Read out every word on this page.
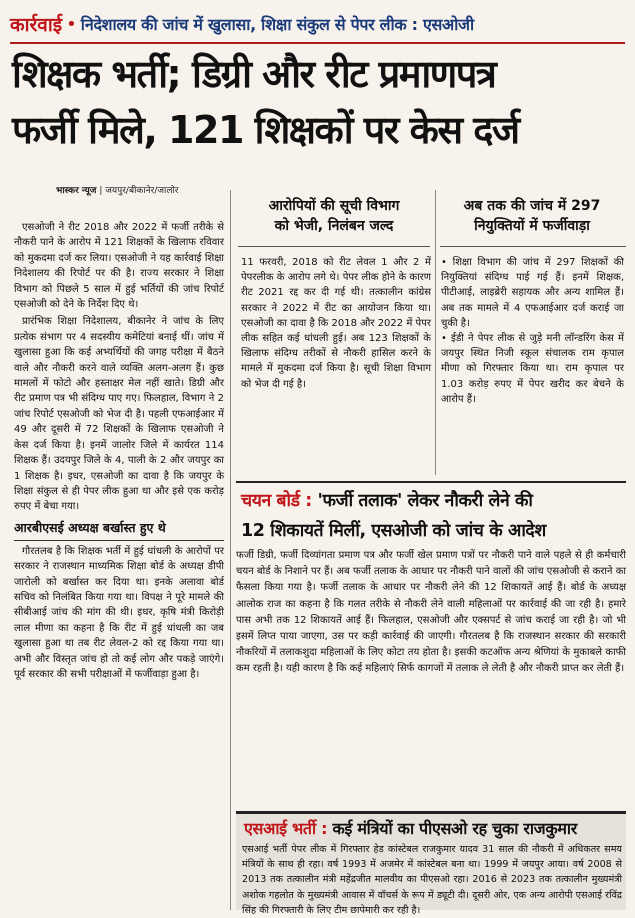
कार्रवाई • निदेशालय की जांच में खुलासा, शिक्षा संकुल से पेपर लीक : एसओजी
शिक्षक भर्ती; डिग्री और रीट प्रमाणपत्र
फर्जी मिले, 121 शिक्षकों पर केस दर्ज
भास्कर न्यूज | जयपुर/बीकानेर/जालोर

एसओजी ने रीट 2018 और 2022 में फर्जी तरीके से नौकरी पाने के आरोप में 121 शिक्षकों के खिलाफ रविवार को मुकदमा दर्ज कर लिया। एसओजी ने यह कार्रवाई शिक्षा निदेशालय की रिपोर्ट पर की है। राज्य सरकार ने शिक्षा विभाग को पिछले 5 साल में हुई भर्तियों की जांच रिपोर्ट एसओजी को देने के निर्देश दिए थे।

प्रारंभिक शिक्षा निदेशालय, बीकानेर ने जांच के लिए प्रत्येक संभाग पर 4 सदस्यीय कमेटियां बनाई थीं। जांच में खुलासा हुआ कि कई अभ्यर्थियों की जगह परीक्षा में बैठने वाले और नौकरी करने वाले व्यक्ति अलग-अलग हैं। कुछ मामलों में फोटो और हस्ताक्षर मेल नहीं खाते। डिग्री और रीट प्रमाण पत्र भी संदिग्ध पाए गए। फिलहाल, विभाग ने 2 जांच रिपोर्ट एसओजी को भेज दी है। पहली एफआईआर में 49 और दूसरी में 72 शिक्षकों के खिलाफ एसओजी ने केस दर्ज किया है। इनमें जालोर जिले में कार्यरत 114 शिक्षक हैं। उदयपुर जिले के 4, पाली के 2 और जयपुर का 1 शिक्षक है। इधर, एसओजी का दावा है कि जयपुर के शिक्षा संकुल से ही पेपर लीक हुआ था और इसे एक करोड़ रुपए में बेचा गया।

आरबीएसई अध्यक्ष बर्खास्त हुए थे

गौरतलब है कि शिक्षक भर्ती में हुई धांधली के आरोपों पर सरकार ने राजस्थान माध्यमिक शिक्षा बोर्ड के अध्यक्ष डीपी जारोली को बर्खास्त कर दिया था। इनके अलावा बोर्ड सचिव को निलंबित किया गया था। विपक्ष ने पूरे मामले की सीबीआई जांच की मांग की थी। इधर, कृषि मंत्री किरोड़ी लाल मीणा का कहना है कि रीट में हुई धांधली का जब खुलासा हुआ था तब रीट लेवल-2 को रद्द किया गया था। अभी और विस्तृत जांच हो तो कई लोग और पकड़े जाएंगे। पूर्व सरकार की सभी परीक्षाओं में फर्जीवाड़ा हुआ है।

आरोपियों की सूची विभाग
को भेजी, निलंबन जल्द
11 फरवरी, 2018 को रीट लेवल 1 और 2 में पेपरलीक के आरोप लगे थे। पेपर लीक होने के कारण रीट 2021 रद्द कर दी गई थी। तत्कालीन कांग्रेस सरकार ने 2022 में रीट का आयोजन किया था। एसओजी का दावा है कि 2018 और 2022 में पेपर लीक सहित कई धांधली हुई। अब 123 शिक्षकों के खिलाफ संदिग्ध तरीकों से नौकरी हासिल करने के मामले में मुकदमा दर्ज किया है। सूची शिक्षा विभाग को भेज दी गई है।
अब तक की जांच में 297
नियुक्तियों में फर्जीवाड़ा

• शिक्षा विभाग की जांच में 297 शिक्षकों की नियुक्तियां संदिग्ध पाई गई हैं। इनमें शिक्षक, पीटीआई, लाइब्रेरी सहायक और अन्य शामिल हैं। अब तक मामले में 4 एफआईआर दर्ज कराई जा चुकी है।

• ईडी ने पेपर लीक से जुड़े मनी लॉन्डरिंग केस में जयपुर स्थित निजी स्कूल संचालक राम कृपाल मीणा को गिरफ्तार किया था। राम कृपाल पर 1.03 करोड़ रुपए में पेपर खरीद कर बेचने के आरोप हैं।

चयन बोर्ड : 'फर्जी तलाक' लेकर नौकरी लेने की
12 शिकायतें मिलीं, एसओजी को जांच के आदेश
फर्जी डिग्री, फर्जी दिव्यांगता प्रमाण पत्र और फर्जी खेल प्रमाण पत्रों पर नौकरी पाने वाले पहले से ही कर्मचारी चयन बोर्ड के निशाने पर हैं। अब फर्जी तलाक के आधार पर नौकरी पाने वालों की जांच एसओजी से कराने का फैसला किया गया है। फर्जी तलाक के आधार पर नौकरी लेने की 12 शिकायतें आई हैं। बोर्ड के अध्यक्ष आलोक राज का कहना है कि गलत तरीके से नौकरी लेने वाली महिलाओं पर कार्रवाई की जा रही है। हमारे पास अभी तक 12 शिकायतें आई हैं। फिलहाल, एसओजी और एक्सपर्ट से जांच कराई जा रही है। जो भी इसमें लिप्त पाया जाएगा, उस पर कड़ी कार्रवाई की जाएगी। गौरतलब है कि राजस्थान सरकार की सरकारी नौकरियों में तलाकशुदा महिलाओं के लिए कोटा तय होता है। इसकी कटऑफ अन्य श्रेणियां के मुकाबले काफी कम रहती है। यही कारण है कि कई महिलाएं सिर्फ कागजों में तलाक ले लेती है और नौकरी प्राप्त कर लेती हैं।
एसआई भर्ती : कई मंत्रियों का पीएसओ रह चुका राजकुमार
एसआई भर्ती पेपर लीक में गिरफ्तार हेड कांस्टेबल राजकुमार यादव 31 साल की नौकरी में अधिकतर समय मंत्रियों के साथ ही रहा। वर्ष 1993 में अजमेर में कांस्टेबल बना था। 1999 में जयपुर आया। वर्ष 2008 से 2013 तक तत्कालीन मंत्री महेंद्रजीत मालवीय का पीएसओ रहा। 2016 से 2023 तक तत्कालीन मुख्यमंत्री अशोक गहलोत के मुख्यमंत्री आवास में वॉचर्स के रूप में ड्यूटी दी। दूसरी ओर, एक अन्य आरोपी एसआई रविंद्र सिंह की गिरफ्तारी के लिए टीम छापेमारी कर रही है।
